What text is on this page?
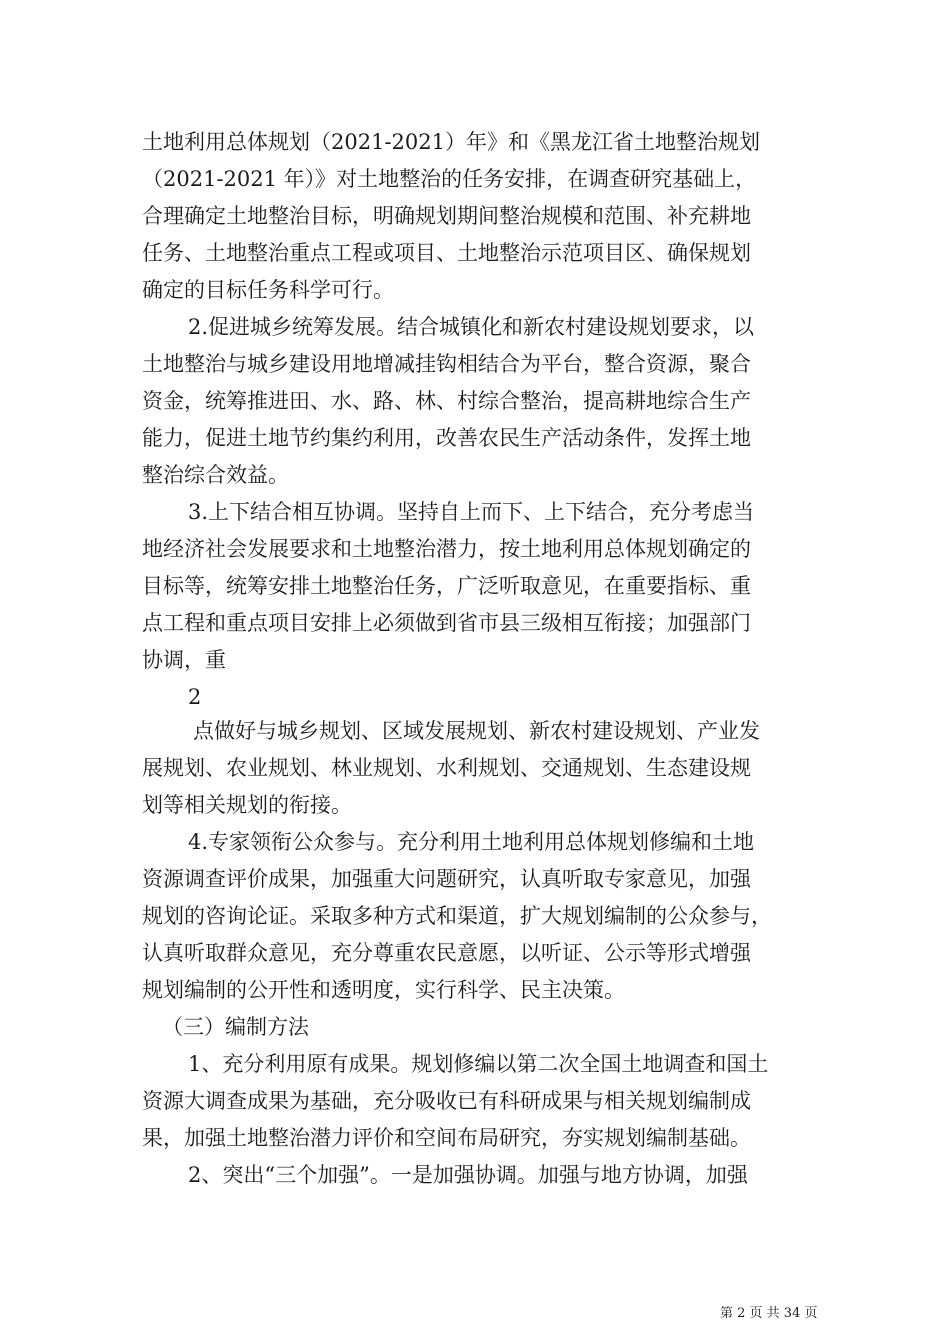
土地利用总体规划（2021-2021）年》和《黑龙江省土地整治规划

（2021-2021 年）》对土地整治的任务安排，在调查研究基础上，

合理确定土地整治目标，明确规划期间整治规模和范围、补充耕地

任务、土地整治重点工程或项目、土地整治示范项目区、确保规划

确定的目标任务科学可行。

2.促进城乡统筹发展。结合城镇化和新农村建设规划要求，以

土地整治与城乡建设用地增减挂钩相结合为平台，整合资源，聚合

资金，统筹推进田、水、路、林、村综合整治，提高耕地综合生产

能力，促进土地节约集约利用，改善农民生产活动条件，发挥土地

整治综合效益。

3.上下结合相互协调。坚持自上而下、上下结合，充分考虑当

地经济社会发展要求和土地整治潜力，按土地利用总体规划确定的

目标等，统筹安排土地整治任务，广泛听取意见，在重要指标、重

点工程和重点项目安排上必须做到省市县三级相互衔接；加强部门

协调，重

2

点做好与城乡规划、区域发展规划、新农村建设规划、产业发

展规划、农业规划、林业规划、水利规划、交通规划、生态建设规

划等相关规划的衔接。

4.专家领衔公众参与。充分利用土地利用总体规划修编和土地

资源调查评价成果，加强重大问题研究，认真听取专家意见，加强

规划的咨询论证。采取多种方式和渠道，扩大规划编制的公众参与，

认真听取群众意见，充分尊重农民意愿，以听证、公示等形式增强

规划编制的公开性和透明度，实行科学、民主决策。

（三）编制方法

1、充分利用原有成果。规划修编以第二次全国土地调查和国土

资源大调查成果为基础，充分吸收已有科研成果与相关规划编制成

果，加强土地整治潜力评价和空间布局研究，夯实规划编制基础。

2、突出“三个加强”。一是加强协调。加强与地方协调，加强

第 2 页 共 34 页
